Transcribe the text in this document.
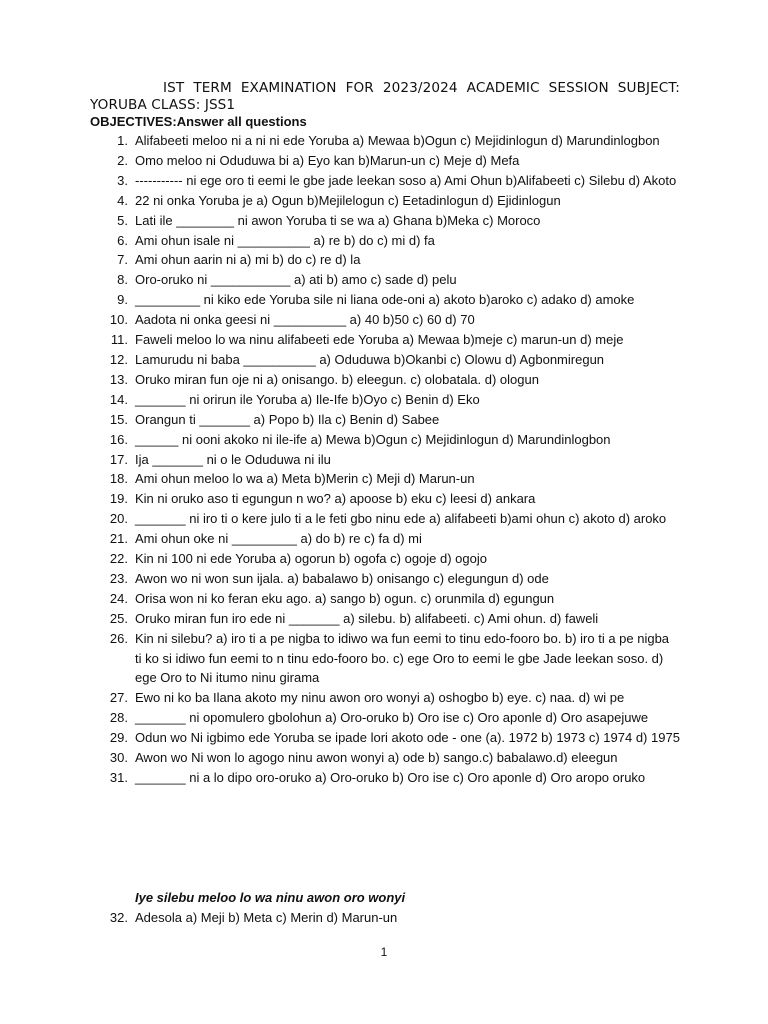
IST TERM EXAMINATION FOR 2023/2024 ACADEMIC SESSION SUBJECT:
YORUBA CLASS: JSS1
OBJECTIVES:Answer all questions
1. Alifabeeti meloo ni a ni ni ede Yoruba a) Mewaa b)Ogun c) Mejidinlogun d) Marundinlogbon
2. Omo meloo ni Oduduwa bi a) Eyo kan b)Marun-un c) Meje d) Mefa
3. ----------- ni ege oro ti eemi le gbe jade leekan soso a) Ami Ohun b)Alifabeeti c) Silebu d) Akoto
4. 22 ni onka Yoruba je a) Ogun b)Mejilelogun c) Eetadinlogun d) Ejidinlogun
5. Lati ile ________ ni awon Yoruba ti se wa a) Ghana b)Meka c) Moroco
6. Ami ohun isale ni __________ a) re b) do c) mi d) fa
7. Ami ohun aarin ni a) mi b) do c) re d) la
8. Oro-oruko ni ___________ a) ati b) amo c) sade d) pelu
9. _________ ni kiko ede Yoruba sile ni liana ode-oni a) akoto b)aroko c) adako d) amoke
10. Aadota ni onka geesi ni __________ a) 40 b)50 c) 60 d) 70
11. Faweli meloo lo wa ninu alifabeeti ede Yoruba a) Mewaa b)meje c) marun-un d) meje
12. Lamurudu ni baba __________ a) Oduduwa b)Okanbi c) Olowu d) Agbonmiregun
13. Oruko miran fun oje ni a) onisango. b) eleegun. c) olobatala. d) ologun
14. _______ ni orirun ile Yoruba a) Ile-Ife b)Oyo c) Benin d) Eko
15. Orangun ti _______ a) Popo b) Ila c) Benin d) Sabee
16. ______ ni ooni akoko ni ile-ife a) Mewa b)Ogun c) Mejidinlogun d) Marundinlogbon
17. Ija _______ ni o le Oduduwa ni ilu
18. Ami ohun meloo lo wa a) Meta b)Merin c) Meji d) Marun-un
19. Kin ni oruko aso ti egungun n wo? a) apoose b) eku c) leesi d) ankara
20. _______ ni iro ti o kere julo ti a le feti gbo ninu ede a) alifabeeti b)ami ohun c) akoto d) aroko
21. Ami ohun oke ni _________ a) do b) re c) fa d) mi
22. Kin ni 100 ni ede Yoruba a) ogorun b) ogofa c) ogoje d) ogojo
23. Awon wo ni won sun ijala. a) babalawo b) onisango c) elegungun d) ode
24. Orisa won ni ko feran eku ago. a) sango b) ogun. c) orunmila d) egungun
25. Oruko miran fun iro ede ni _______ a) silebu. b) alifabeeti. c) Ami ohun. d) faweli
26. Kin ni silebu? a) iro ti a pe nigba to idiwo wa fun eemi to tinu edo-fooro bo. b) iro ti a pe nigba ti ko si idiwo fun eemi to n tinu edo-fooro bo. c) ege Oro to eemi le gbe Jade leekan soso. d) ege Oro to Ni itumo ninu girama
27. Ewo ni ko ba Ilana akoto my ninu awon oro wonyi a) oshogbo b) eye. c) naa. d) wi pe
28. _______ ni opomulero gbolohun a) Oro-oruko b) Oro ise c) Oro aponle d) Oro asapejuwe
29. Odun wo Ni igbimo ede Yoruba se ipade lori akoto ode - one (a). 1972 b) 1973 c) 1974 d) 1975
30. Awon wo Ni won lo agogo ninu awon wonyi a) ode b) sango.c) babalawo.d) eleegun
31. _______ ni a lo dipo oro-oruko a) Oro-oruko b) Oro ise c) Oro aponle d) Oro aropo oruko
Iye silebu meloo lo wa ninu awon oro wonyi
32. Adesola a) Meji b) Meta c) Merin d) Marun-un
1
